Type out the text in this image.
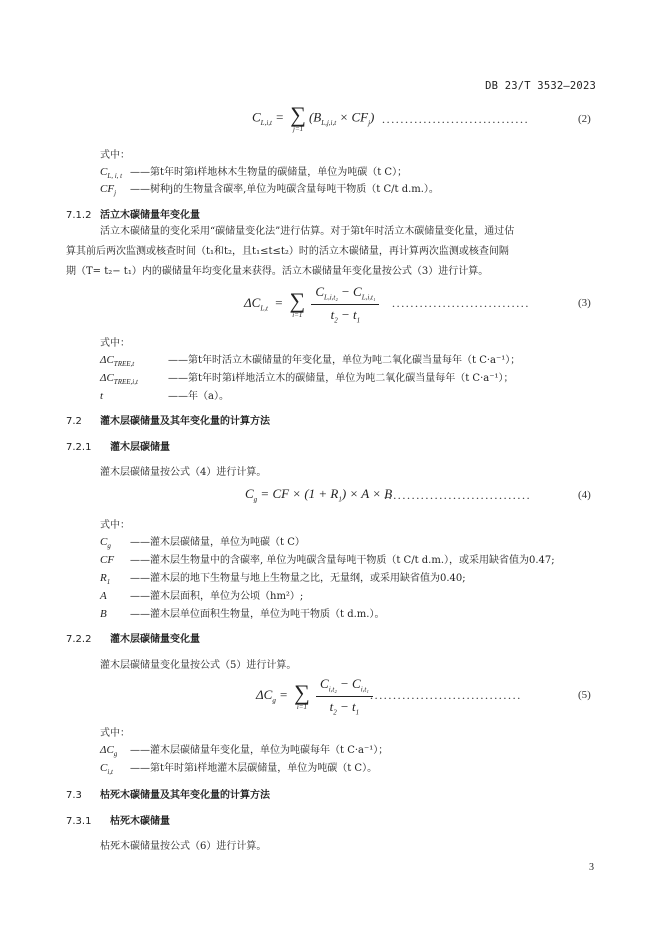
DB 23/T 3532—2023
$C_{L,i,t}$ = ∑
j=1
$(B_{L,j,i,t} \times CF_j)$ ................................	(2)
式中：
$C_{L, i, t}$ ——第t年时第i样地林木生物量的碳储量，单位为吨碳（t C）；
$CF_j$ ——树种j的生物量含碳率,单位为吨碳含量每吨干物质（t C/t d.m.）。
7.1.2 活立木碳储量年变化量
活立木碳储量的变化采用“碳储量变化法”进行估算。对于第t年时活立木碳储量变化量，通过估
算其前后两次监测或核查时间（t₁和t₂，且t₁≤t≤t₂）时的活立木碳储量，再计算两次监测或核查间隔
期（T= t₂− t₁）内的碳储量年均变化量来获得。活立木碳储量年变化量按公式（3）进行计算。
$\Delta C_{L,t}$  = ∑
i=1
$\frac{C_{L,i,t_2} - C_{L,i,t_1}}{t_2 - t_1}$ ..............................	(3)
式中：
$\Delta C_{TREE,t}$	——第t年时活立木碳储量的年变化量，单位为吨二氧化碳当量每年（t C·a⁻¹）；
$\Delta C_{TREE,i,t}$	——第t年时第i样地活立木的碳储量，单位为吨二氧化碳当量每年（t C·a⁻¹）；
t	——年（a）。
7.2 灌木层碳储量及其年变化量的计算方法
7.2.1 灌木层碳储量
灌木层碳储量按公式（4）进行计算。
$C_g$ = CF × $(1 + R_1) \times A \times B$
................................	(4)
式中：
$C_g$ ——灌木层碳储量，单位为吨碳（t C）
CF ——灌木层生物量中的含碳率, 单位为吨碳含量每吨干物质（t C/t d.m.），或采用缺省值为0.47;
$R_1$ ——灌木层的地下生物量与地上生物量之比，无量纲，或采用缺省值为0.40;
A ——灌木层面积，单位为公顷（hm²）;
B ——灌木层单位面积生物量，单位为吨干物质（t d.m.）。
7.2.2 灌木层碳储量变化量
灌木层碳储量变化量按公式（5）进行计算。
$\Delta C_g$ = ∑
i=1
$\frac{C_{i,t_2} - C_{i,t_1}}{t_2 - t_1}$
.................................	(5)
式中：
$\Delta C_g$ ——灌木层碳储量年变化量，单位为吨碳每年（t C·a⁻¹）；
$C_{i,t}$ ——第t年时第i样地灌木层碳储量，单位为吨碳（t C）。
7.3 枯死木碳储量及其年变化量的计算方法
7.3.1 枯死木碳储量
枯死木碳储量按公式（6）进行计算。
3
